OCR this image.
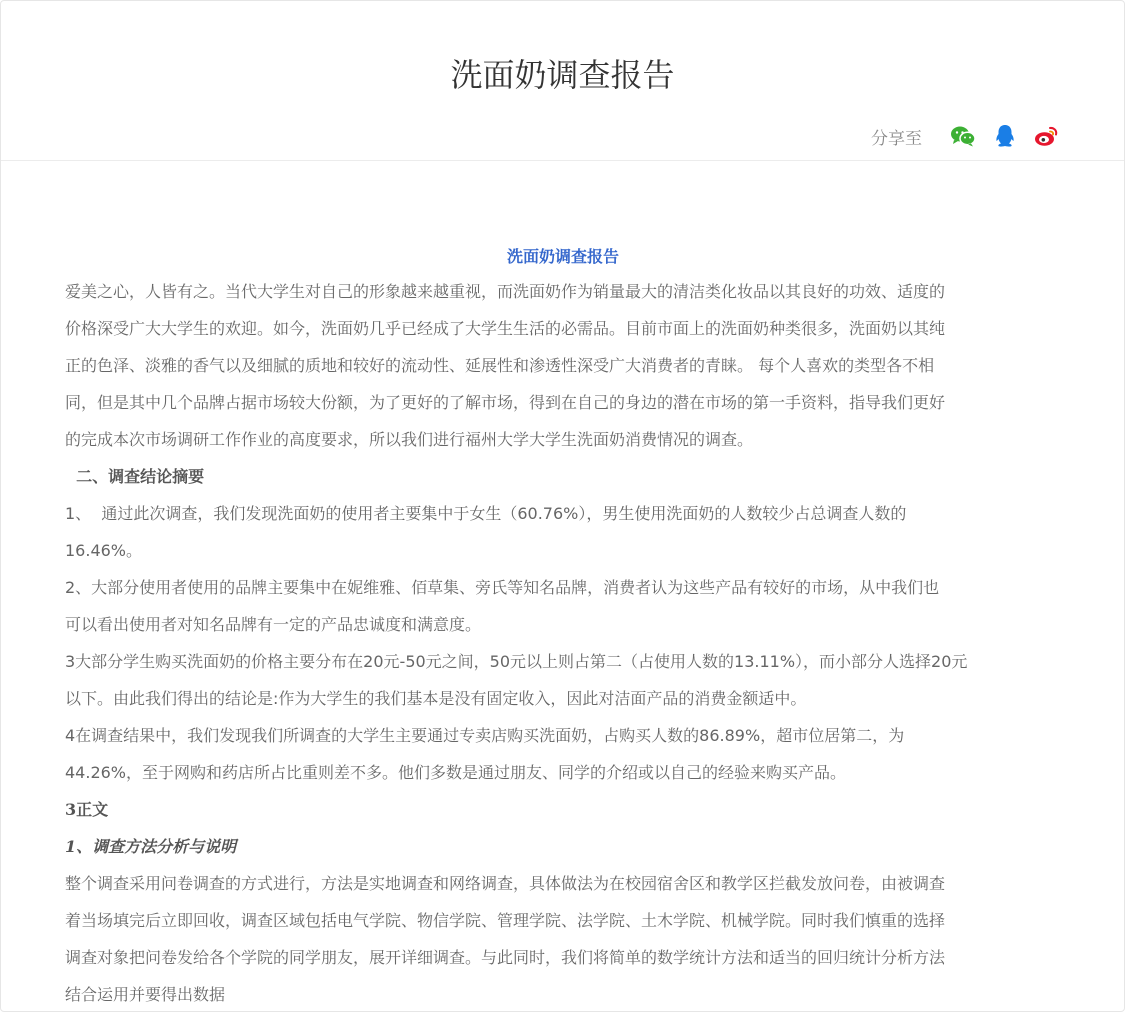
洗面奶调查报告
分享至
洗面奶调查报告

爱美之心，人皆有之。当代大学生对自己的形象越来越重视，而洗面奶作为销量最大的清洁类化妆品以其良好的功效、适度的

价格深受广大大学生的欢迎。如今，洗面奶几乎已经成了大学生生活的必需品。目前市面上的洗面奶种类很多，洗面奶以其纯

正的色泽、淡雅的香气以及细腻的质地和较好的流动性、延展性和渗透性深受广大消费者的青睐。 每个人喜欢的类型各不相

同，但是其中几个品牌占据市场较大份额，为了更好的了解市场，得到在自己的身边的潜在市场的第一手资料，指导我们更好

的完成本次市场调研工作作业的高度要求，所以我们进行福州大学大学生洗面奶消费情况的调查。

二、调查结论摘要

1、  通过此次调查，我们发现洗面奶的使用者主要集中于女生（60.76%），男生使用洗面奶的人数较少占总调查人数的

16.46%。

2、大部分使用者使用的品牌主要集中在妮维雅、佰草集、旁氏等知名品牌，消费者认为这些产品有较好的市场，从中我们也

可以看出使用者对知名品牌有一定的产品忠诚度和满意度。

3大部分学生购买洗面奶的价格主要分布在20元-50元之间，50元以上则占第二（占使用人数的13.11%），而小部分人选择20元

以下。由此我们得出的结论是:作为大学生的我们基本是没有固定收入，因此对洁面产品的消费金额适中。

4在调查结果中，我们发现我们所调查的大学生主要通过专卖店购买洗面奶，占购买人数的86.89%，超市位居第二，为

44.26%，至于网购和药店所占比重则差不多。他们多数是通过朋友、同学的介绍或以自己的经验来购买产品。

3正文

1、调查方法分析与说明

整个调查采用问卷调查的方式进行，方法是实地调查和网络调查，具体做法为在校园宿舍区和教学区拦截发放问卷，由被调查

着当场填完后立即回收，调查区域包括电气学院、物信学院、管理学院、法学院、土木学院、机械学院。同时我们慎重的选择

调查对象把问卷发给各个学院的同学朋友，展开详细调查。与此同时，我们将简单的数学统计方法和适当的回归统计分析方法

结合运用并要得出数据
